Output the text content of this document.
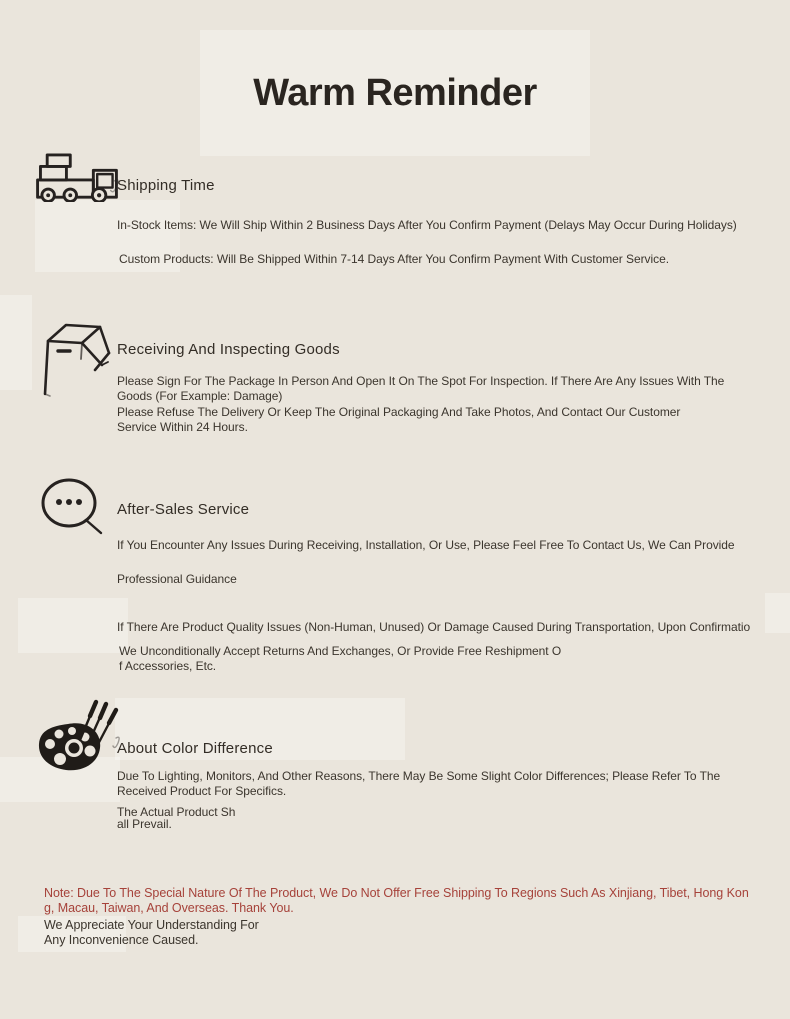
Warm Reminder
Shipping Time
In-Stock Items: We Will Ship Within 2 Business Days After You Confirm Payment (Delays May Occur During Holidays)
Custom Products: Will Be Shipped Within 7-14 Days After You Confirm Payment With Customer Service.
Receiving And Inspecting Goods
Please Sign For The Package In Person And Open It On The Spot For Inspection. If There Are Any Issues With The
Goods (For Example: Damage)
Please Refuse The Delivery Or Keep The Original Packaging And Take Photos, And Contact Our Customer
Service Within 24 Hours.
After-Sales Service
If You Encounter Any Issues During Receiving, Installation, Or Use, Please Feel Free To Contact Us, We Can Provide
Professional Guidance
If There Are Product Quality Issues (Non-Human, Unused) Or Damage Caused During Transportation, Upon Confirmatio
We Unconditionally Accept Returns And Exchanges, Or Provide Free Reshipment O
f Accessories, Etc.
About Color Difference
Due To Lighting, Monitors, And Other Reasons, There May Be Some Slight Color Differences; Please Refer To The
Received Product For Specifics.
The Actual Product Sh
all Prevail.
Note: Due To The Special Nature Of The Product, We Do Not Offer Free Shipping To Regions Such As Xinjiang, Tibet, Hong Kon
g, Macau, Taiwan, And Overseas. Thank You.
We Appreciate Your Understanding For
Any Inconvenience Caused.
